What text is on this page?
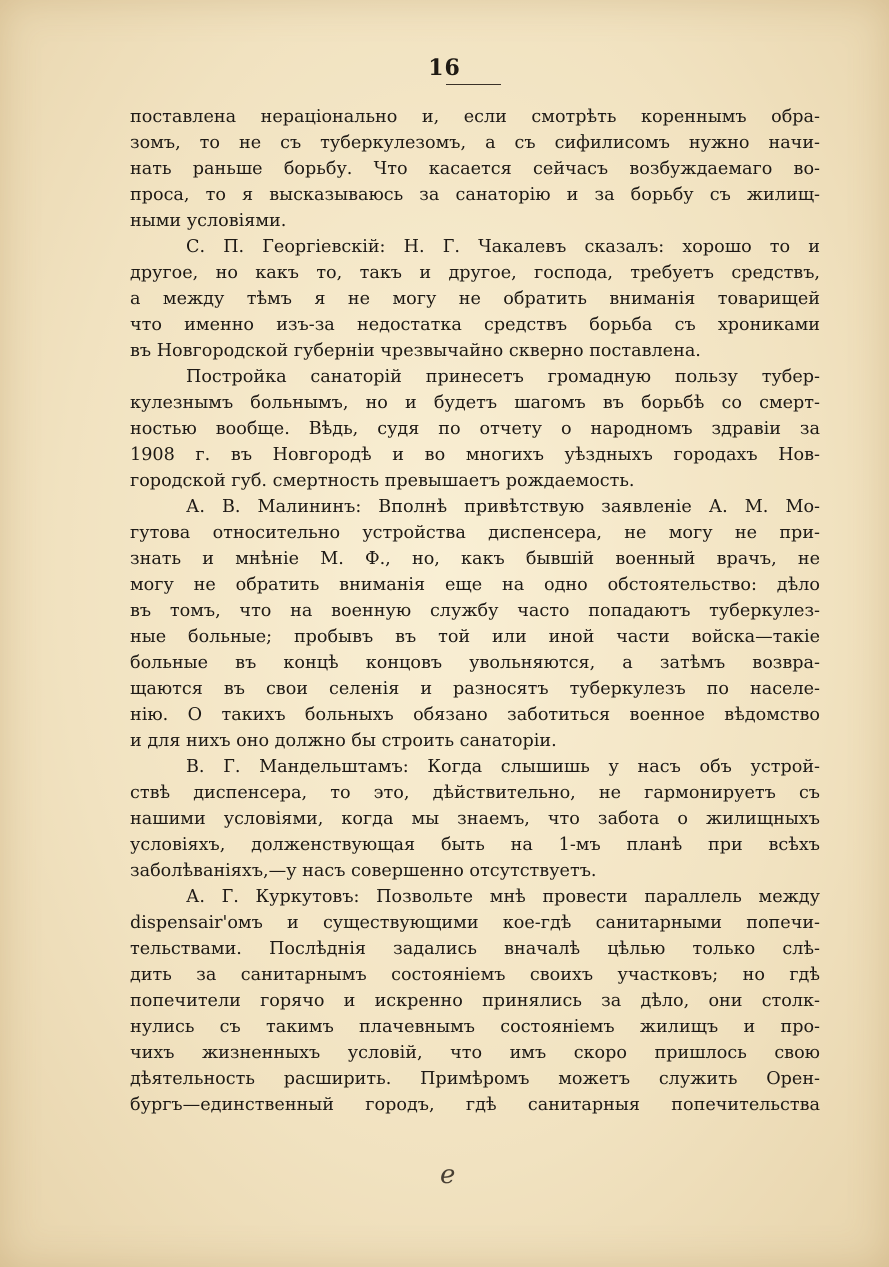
16
поставлена нераціонально и, если смотрѣть кореннымъ обра-
зомъ, то не съ туберкулезомъ, а съ сифилисомъ нужно начи-
нать раньше борьбу. Что касается сейчасъ возбуждаемаго во-
проса, то я высказываюсь за санаторію и за борьбу съ жилищ-
ными условіями.
С. П. Георгіевскій: Н. Г. Чакалевъ сказалъ: хорошо то и
другое, но какъ то, такъ и другое, господа, требуетъ средствъ,
а между тѣмъ я не могу не обратить вниманія товарищей
что именно изъ-за недостатка средствъ борьба съ хрониками
въ Новгородской губерніи чрезвычайно скверно поставлена.
Постройка санаторій принесетъ громадную пользу тубер-
кулезнымъ больнымъ, но и будетъ шагомъ въ борьбѣ со смерт-
ностью вообще. Вѣдь, судя по отчету о народномъ здравіи за
1908 г. въ Новгородѣ и во многихъ уѣздныхъ городахъ Нов-
городской губ. смертность превышаетъ рождаемость.
А. В. Малининъ: Вполнѣ привѣтствую заявленіе А. М. Мо-
гутова относительно устройства диспенсера, не могу не при-
знать и мнѣніе М. Ф., но, какъ бывшій военный врачъ, не
могу не обратить вниманія еще на одно обстоятельство: дѣло
въ томъ, что на военную службу часто попадаютъ туберкулез-
ные больные; пробывъ въ той или иной части войска—такіе
больные въ концѣ концовъ увольняются, а затѣмъ возвра-
щаются въ свои селенія и разносятъ туберкулезъ по населе-
нію. О такихъ больныхъ обязано заботиться военное вѣдомство
и для нихъ оно должно бы строить санаторіи.
В. Г. Мандельштамъ: Когда слышишь у насъ объ устрой-
ствѣ диспенсера, то это, дѣйствительно, не гармонируетъ съ
нашими условіями, когда мы знаемъ, что забота о жилищныхъ
условіяхъ, долженствующая быть на 1-мъ планѣ при всѣхъ
заболѣваніяхъ,—у насъ совершенно отсутствуетъ.
А. Г. Куркутовъ: Позвольте мнѣ провести параллель между
dispensair'омъ и существующими кое-гдѣ санитарными попечи-
тельствами. Послѣднія задались вначалѣ цѣлью только слѣ-
дить за санитарнымъ состояніемъ своихъ участковъ; но гдѣ
попечители горячо и искренно принялись за дѣло, они столк-
нулись съ такимъ плачевнымъ состояніемъ жилищъ и про-
чихъ жизненныхъ условій, что имъ скоро пришлось свою
дѣятельность расширить. Примѣромъ можетъ служить Орен-
бургъ—единственный городъ, гдѣ санитарныя попечительства
ℯ
